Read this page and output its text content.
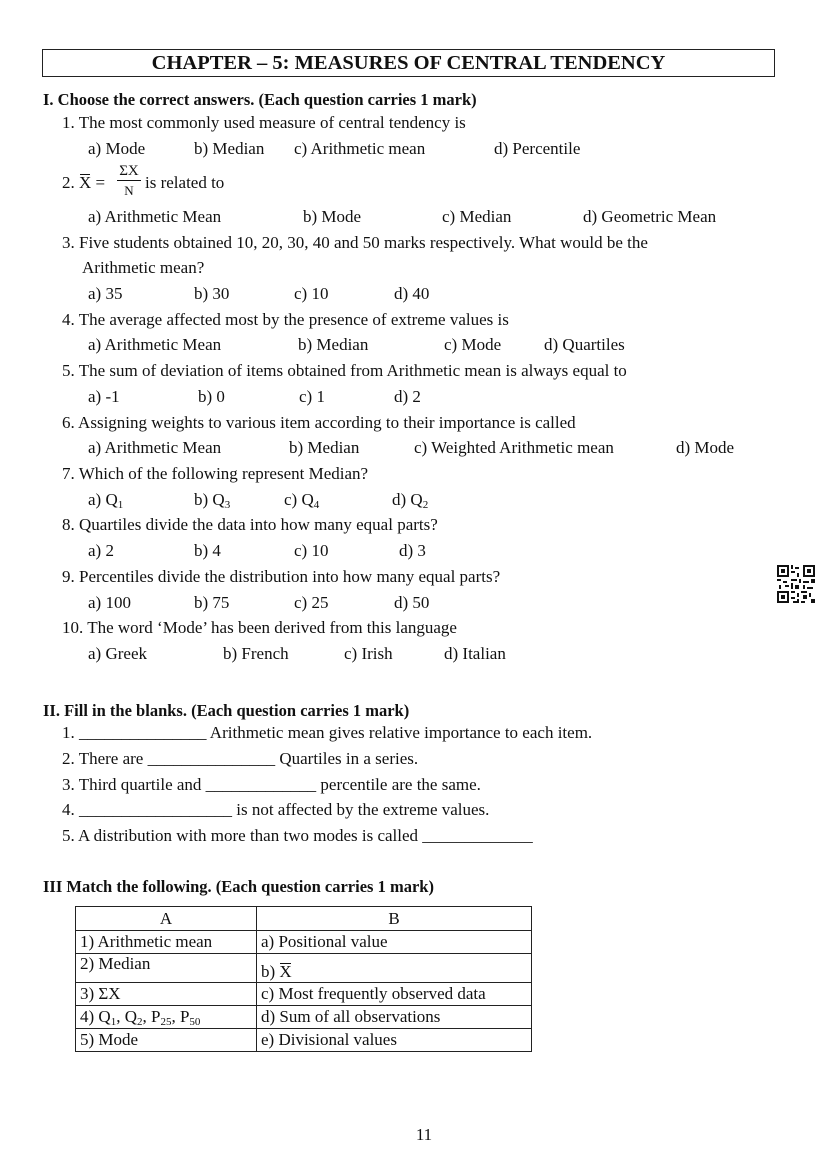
CHAPTER – 5: MEASURES OF CENTRAL TENDENCY
I. Choose the correct answers. (Each question carries 1 mark)
1. The most commonly used measure of central tendency is
a) Mode	b) Median c) Arithmetic mean	d) Percentile
2. $X = \frac{\Sigma X}{N}$ is related to
a) Arithmetic Mean	b) Mode	c) Median	d) Geometric Mean
3. Five students obtained 10, 20, 30, 40 and 50 marks respectively. What would be the
Arithmetic mean?
a) 35	b) 30	c) 10	d) 40
4. The average affected most by the presence of extreme values is
a) Arithmetic Mean	b) Median	c) Mode	d) Quartiles
5. The sum of deviation of items obtained from Arithmetic mean is always equal to
a) -1	b) 0	c) 1	d) 2
6. Assigning weights to various item according to their importance is called
a) Arithmetic Mean	b) Median	c) Weighted Arithmetic mean	d) Mode
7. Which of the following represent Median?
a) $Q_1$	b) $Q_3$	c) $Q_4$	d) $Q_2$
8. Quartiles divide the data into how many equal parts?
a) 2	b) 4	c) 10	d) 3
9. Percentiles divide the distribution into how many equal parts?
a) 100	b) 75	c) 25	d) 50
10. The word ‘Mode’ has been derived from this language
a) Greek	b) French	c) Irish	d) Italian
II. Fill in the blanks. (Each question carries 1 mark)
1. _______________ Arithmetic mean gives relative importance to each item.
2. There are _______________ Quartiles in a series.
3. Third quartile and _____________ percentile are the same.
4. __________________ is not affected by the extreme values.
5. A distribution with more than two modes is called _____________
III Match the following. (Each question carries 1 mark)
A	B
1) Arithmetic mean	a) Positional value
2) Median	b) X
3) ΣX	c) Most frequently observed data
4) $Q_1$, $Q_2$, $P_{25}$, $P_{50}$	d) Sum of all observations
5) Mode	e) Divisional values
11
